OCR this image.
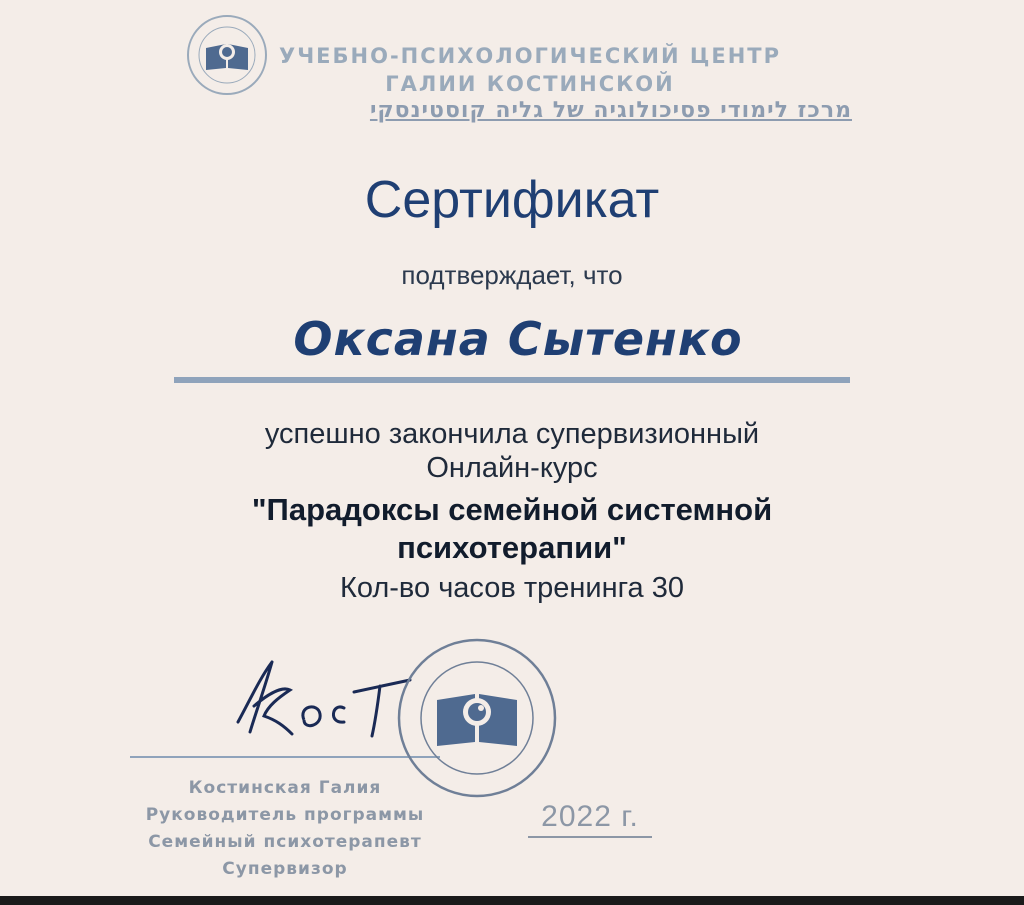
УЧЕБНО-ПСИХОЛОГИЧЕСКИЙ ЦЕНТР
ГАЛИИ КОСТИНСКОЙ
מרכז לימודי פסיכולוגיה של גליה קוסטינסקי
Сертификат
подтверждает, что
Оксана Сытенко
успешно закончила супервизионный
Онлайн-курс
"Парадоксы семейной системной
психотерапии"
Кол-во часов тренинга 30
Костинская Галия
Руководитель программы
Семейный психотерапевт
Супервизор
2022 г.
